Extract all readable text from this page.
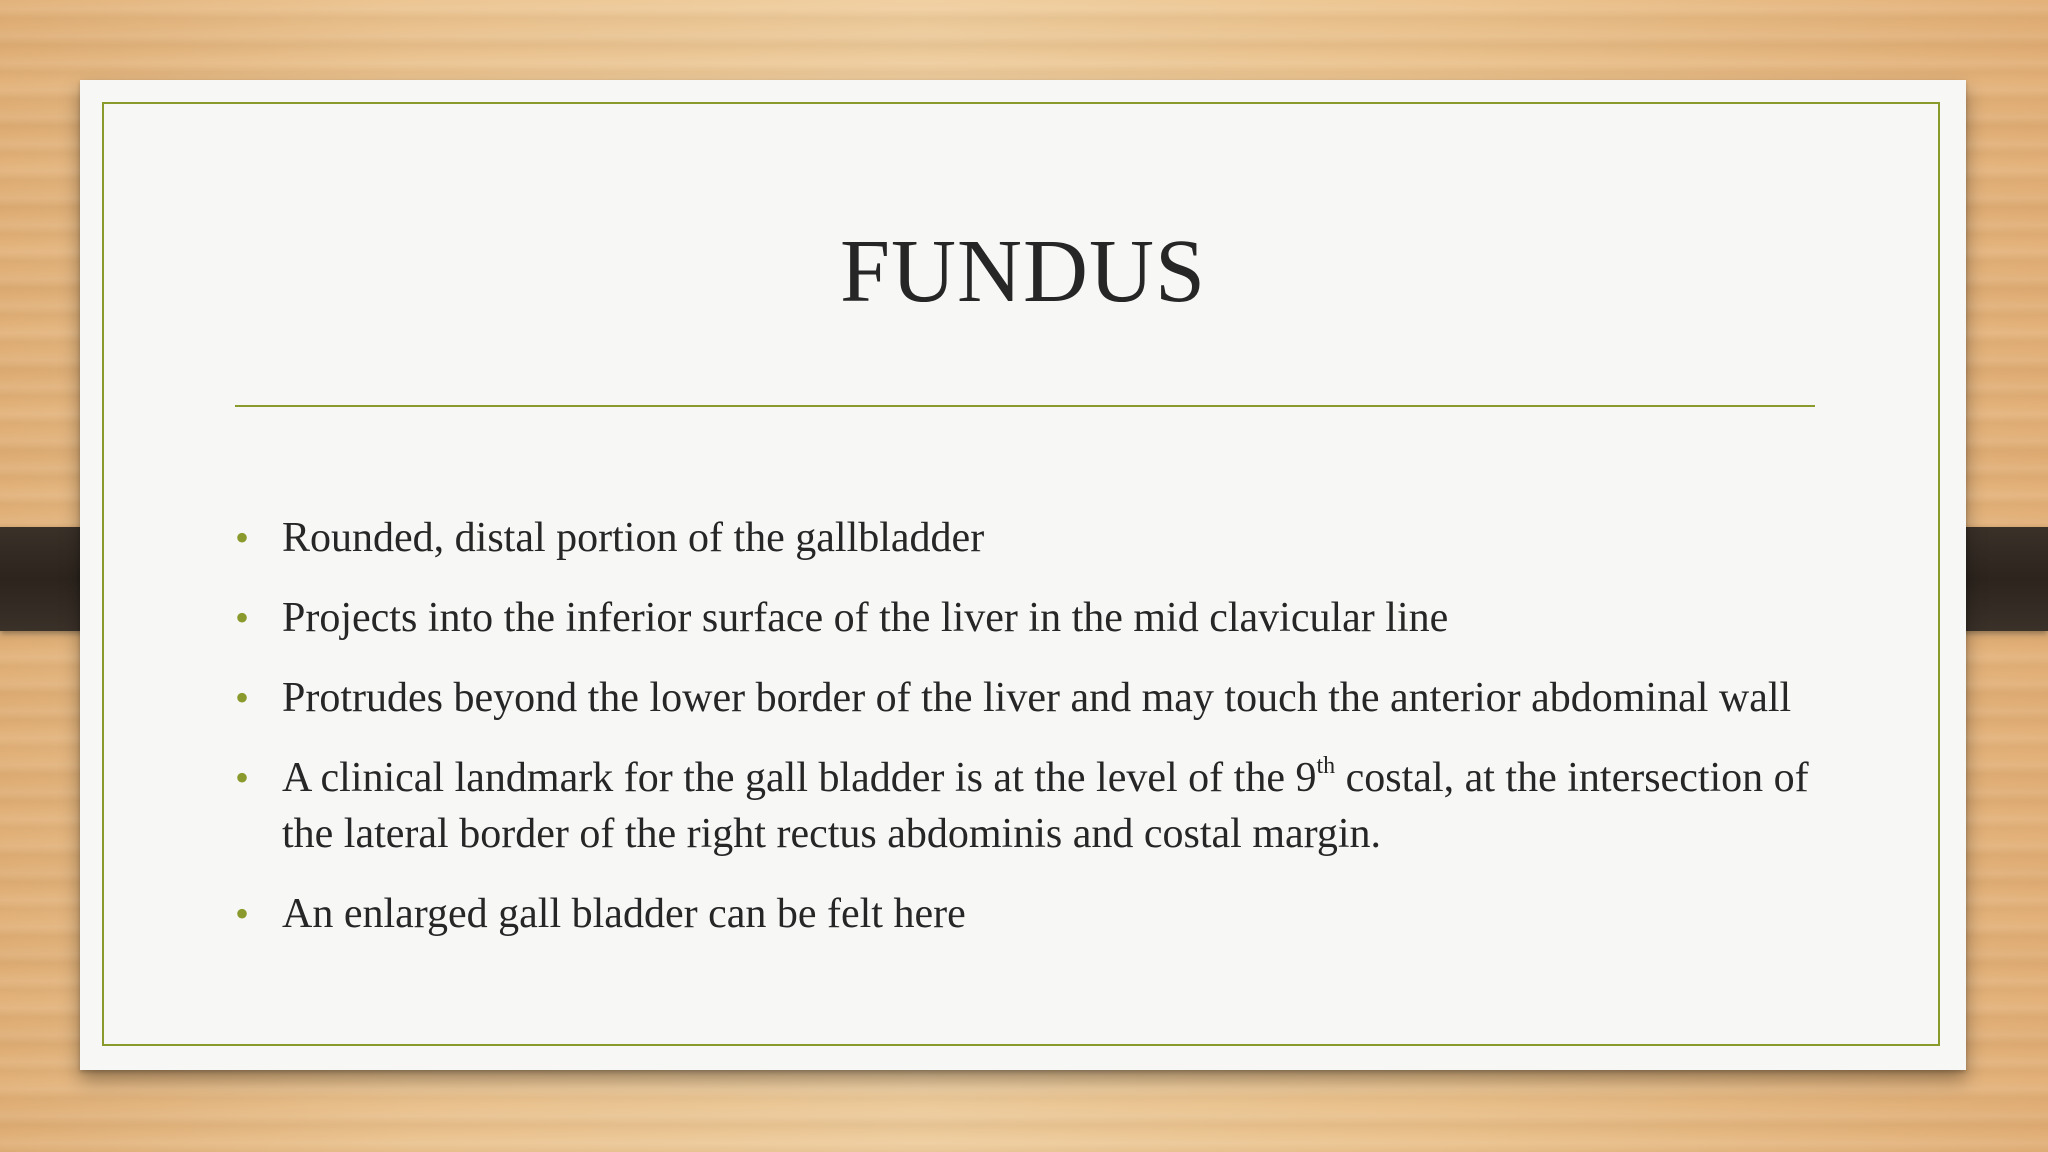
FUNDUS
• Rounded, distal portion of the gallbladder
• Projects into the inferior surface of the liver in the mid clavicular line
• Protrudes beyond the lower border of the liver and may touch the anterior abdominal wall
• A clinical landmark for the gall bladder is at the level of the 9th costal, at the intersection of the lateral border of the right rectus abdominis and costal margin.
• An enlarged gall bladder can be felt here
